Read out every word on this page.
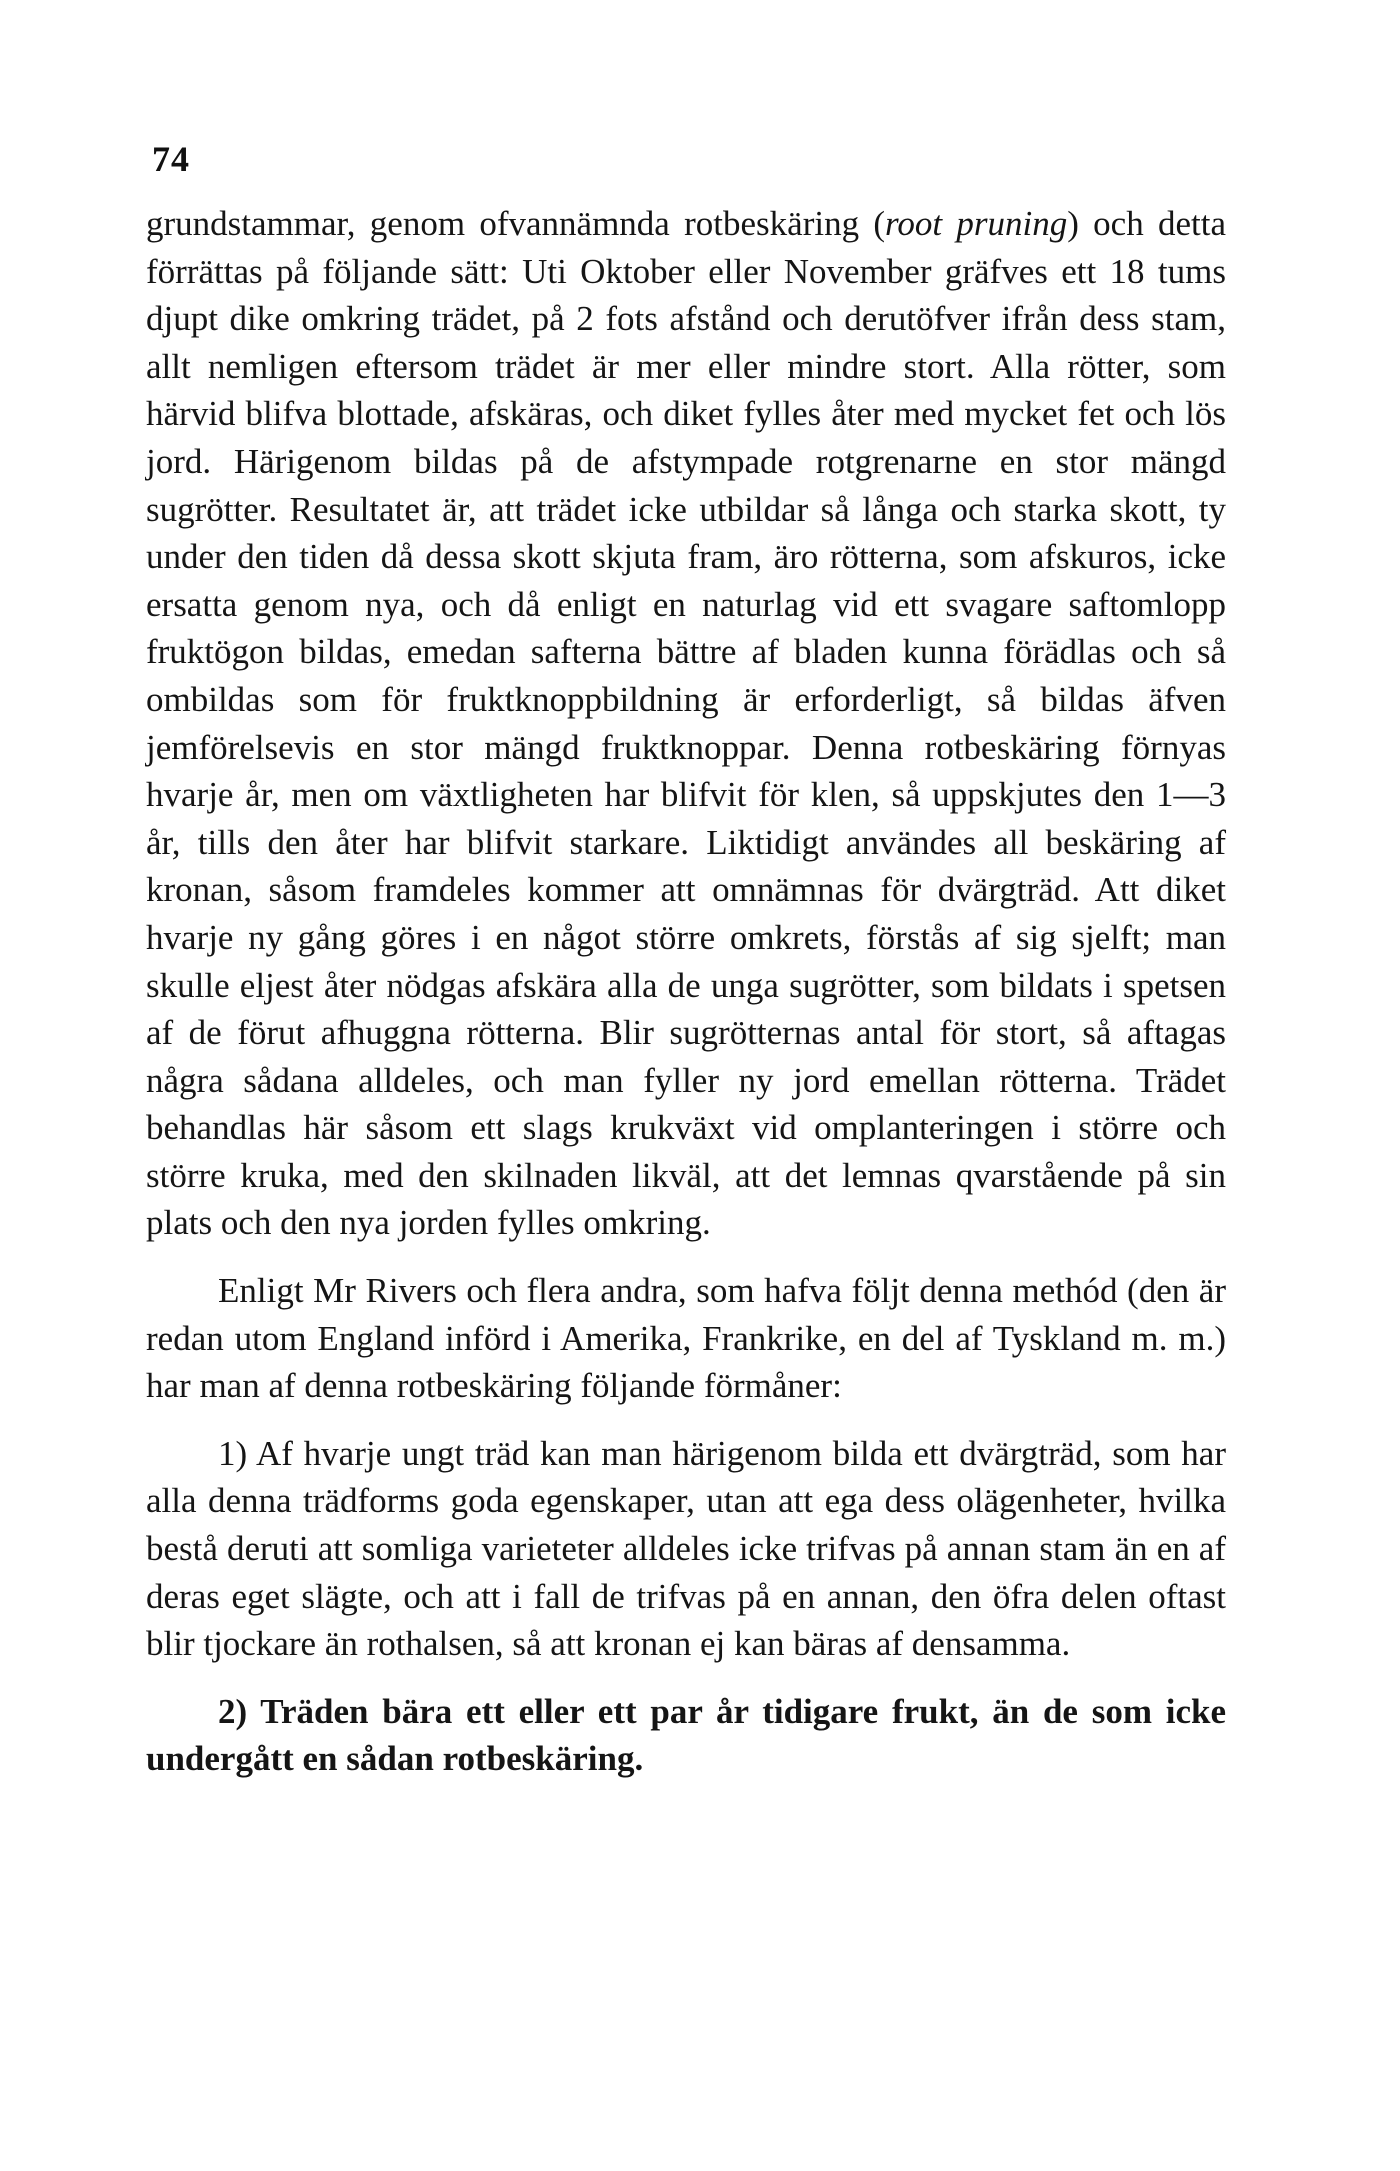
74

grundstammar, genom ofvannämnda rotbeskäring (root pruning) och detta förrättas på följande sätt: Uti Oktober eller November gräfves ett 18 tums djupt dike omkring trädet, på 2 fots afstånd och derutöfver ifrån dess stam, allt nemligen eftersom trädet är mer eller mindre stort. Alla rötter, som härvid blifva blottade, afskäras, och diket fylles åter med mycket fet och lös jord. Härigenom bildas på de afstympade rotgrenarne en stor mängd sugrötter. Resultatet är, att trädet icke utbildar så långa och starka skott, ty under den tiden då dessa skott skjuta fram, äro rötterna, som afskuros, icke ersatta genom nya, och då enligt en naturlag vid ett svagare saftomlopp fruktögon bildas, emedan safterna bättre af bladen kunna förädlas och så ombildas som för fruktknoppbildning är erforderligt, så bildas äfven jemförelsevis en stor mängd fruktknoppar. Denna rotbeskäring förnyas hvarje år, men om växtligheten har blifvit för klen, så uppskjutes den 1—3 år, tills den åter har blifvit starkare. Liktidigt användes all beskäring af kronan, såsom framdeles kommer att omnämnas för dvärgträd. Att diket hvarje ny gång göres i en något större omkrets, förstås af sig sjelft; man skulle eljest åter nödgas afskära alla de unga sugrötter, som bildats i spetsen af de förut afhuggna rötterna. Blir sugrötternas antal för stort, så aftagas några sådana alldeles, och man fyller ny jord emellan rötterna. Trädet behandlas här såsom ett slags krukväxt vid omplanteringen i större och större kruka, med den skilnaden likväl, att det lemnas qvarstående på sin plats och den nya jorden fylles omkring.

Enligt Mr Rivers och flera andra, som hafva följt denna methód (den är redan utom England införd i Amerika, Frankrike, en del af Tyskland m. m.) har man af denna rotbeskäring följande förmåner:

1) Af hvarje ungt träd kan man härigenom bilda ett dvärgträd, som har alla denna trädforms goda egenskaper, utan att ega dess olägenheter, hvilka bestå deruti att somliga varieteter alldeles icke trifvas på annan stam än en af deras eget slägte, och att i fall de trifvas på en annan, den öfra delen oftast blir tjockare än rothalsen, så att kronan ej kan bäras af densamma.

2) Träden bära ett eller ett par år tidigare frukt, än de som icke undergått en sådan rotbeskäring.
